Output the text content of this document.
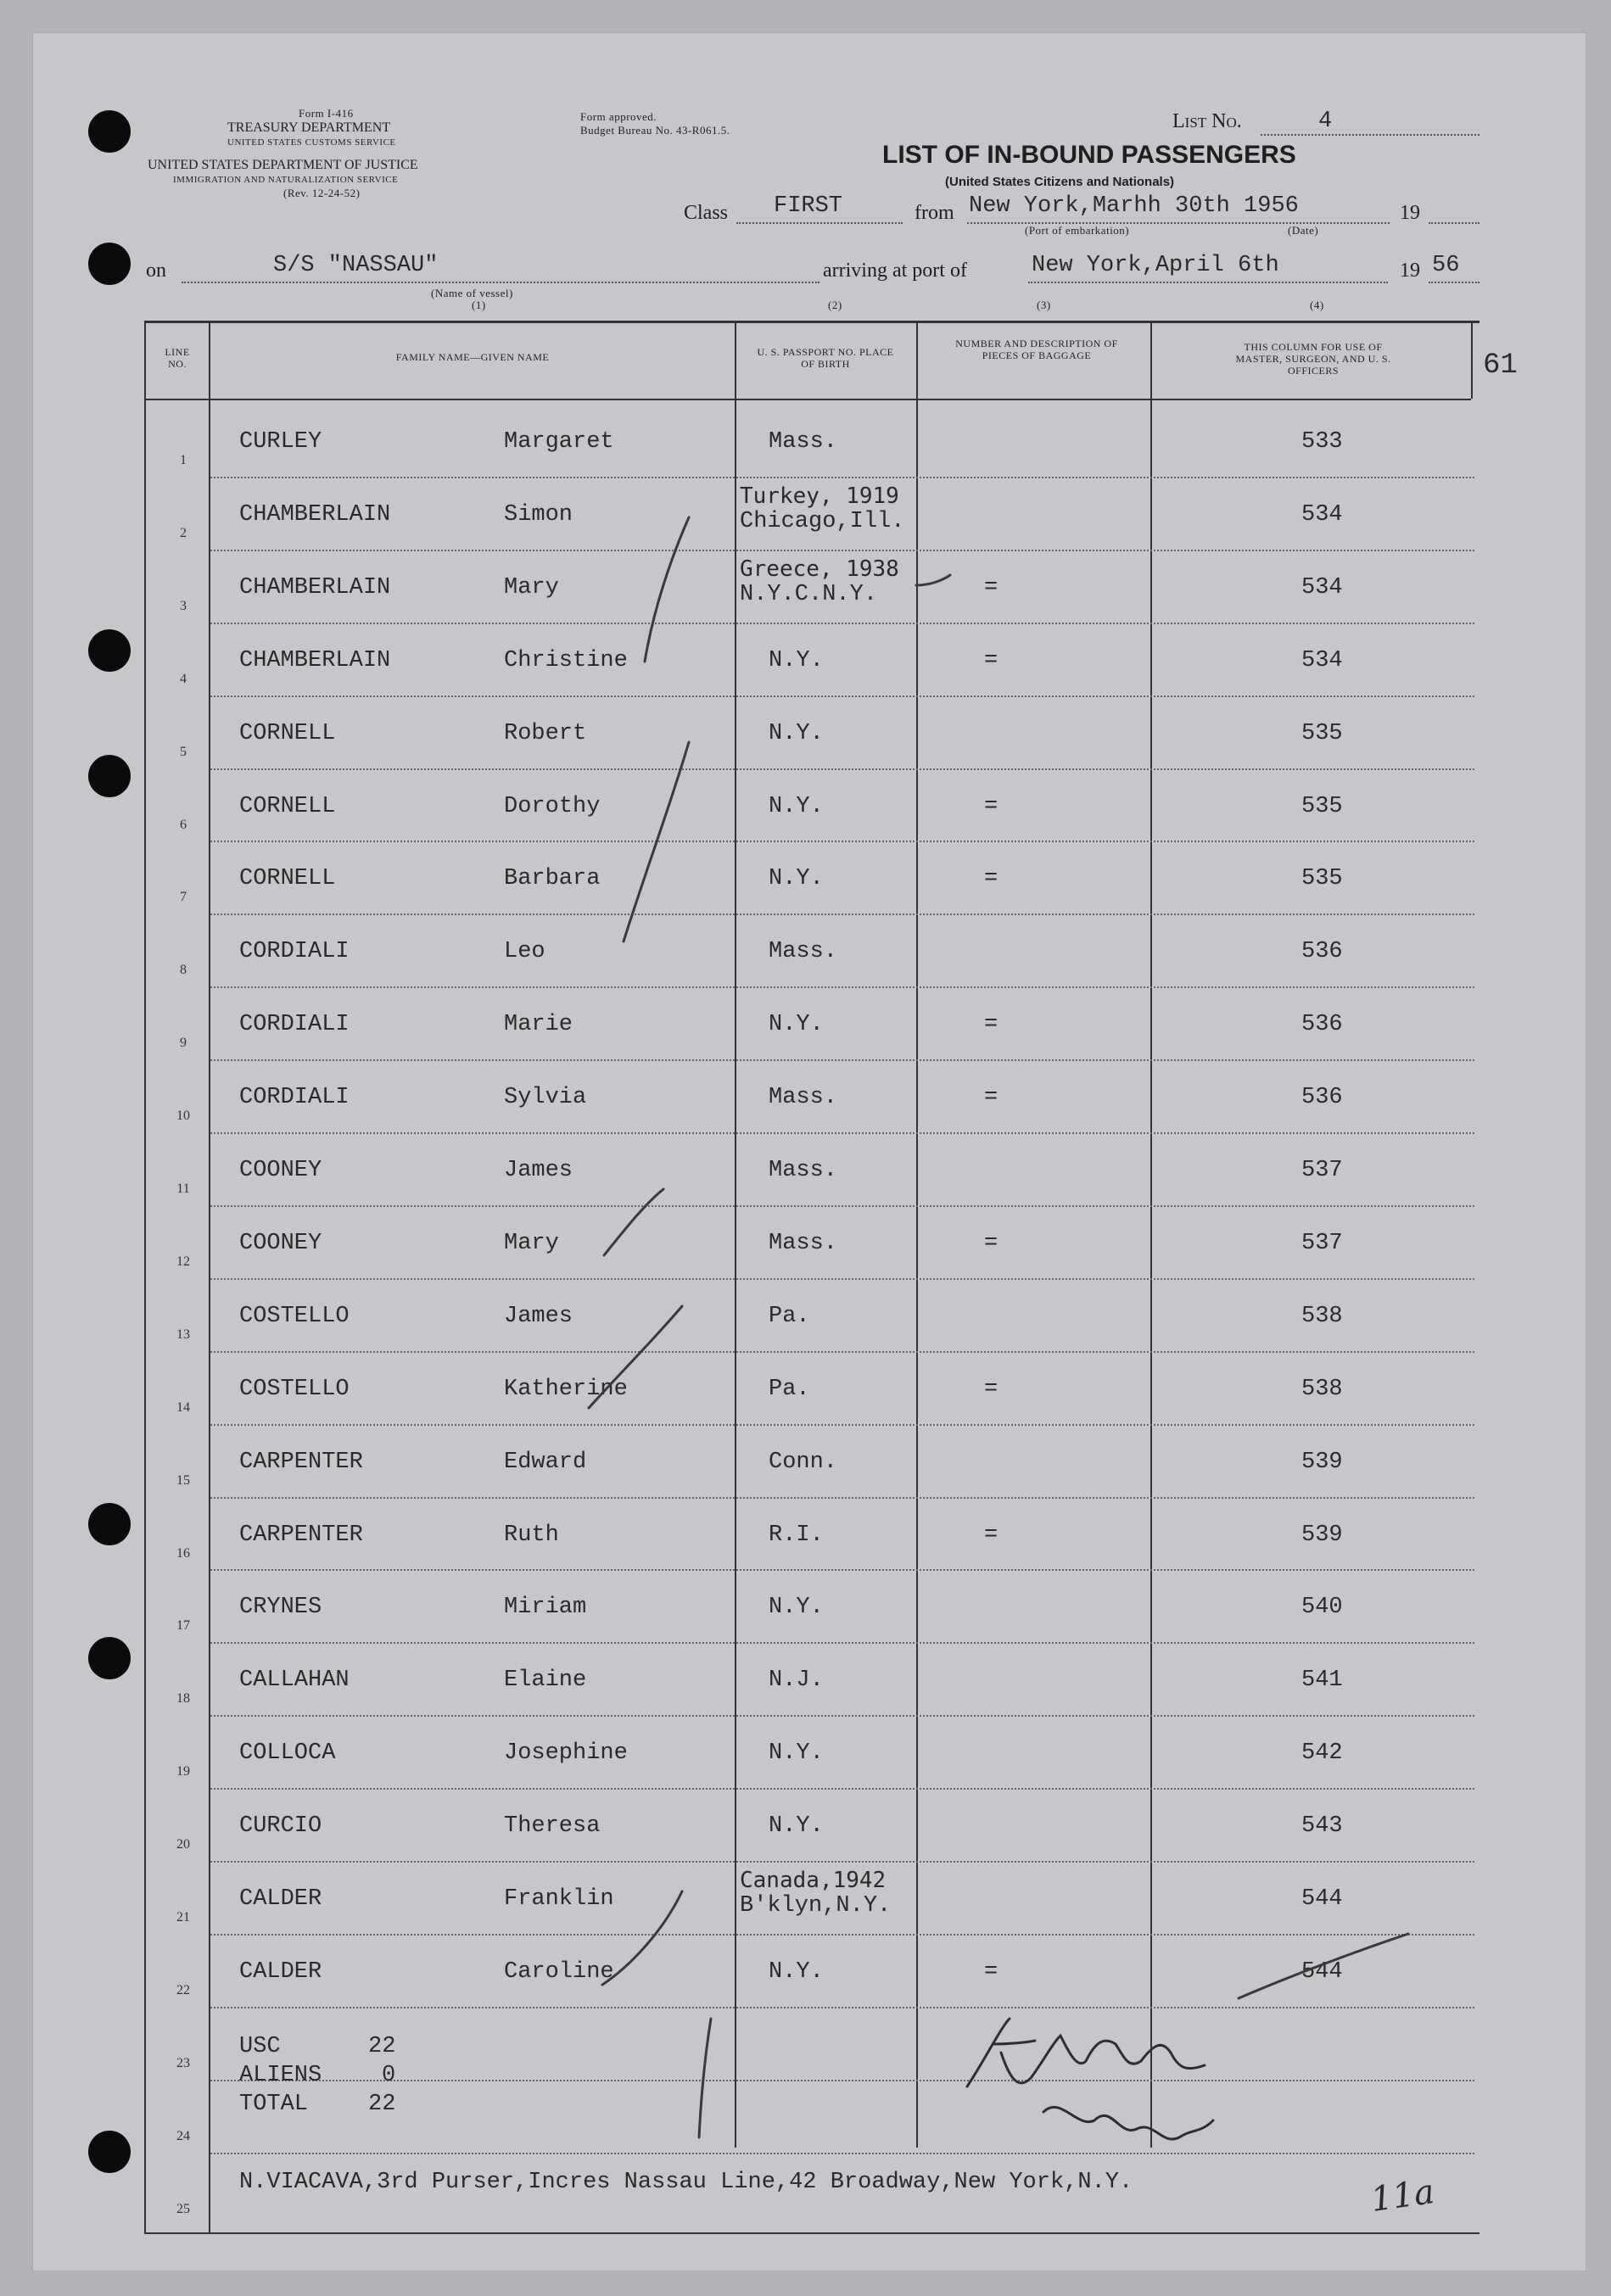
Form I-416
TREASURY DEPARTMENT
UNITED STATES CUSTOMS SERVICE
UNITED STATES DEPARTMENT OF JUSTICE
IMMIGRATION AND NATURALIZATION SERVICE
(Rev. 12-24-52)
Form approved.
Budget Bureau No. 43-R061.5.	List No.	4
LIST OF IN-BOUND PASSENGERS
(United States Citizens and Nationals)
Class FIRST	from New York,Marhh 30th 1956	19
(Port of embarkation)	(Date)
on	S/S "NASSAU"
(Name of vessel)
(1)
arriving at port of	New York,April 6th	19 56
(2)	(3)	(4)
61
LINE NO.
FAMILY NAME—GIVEN NAME	U. S. PASSPORT NO. PLACE OF BIRTH
NUMBER AND DESCRIPTION OF PIECES OF BAGGAGE
THIS COLUMN FOR USE OF MASTER, SURGEON, AND U. S. OFFICERS
1
CURLEY	Margaret	Mass.	533
2
CHAMBERLAIN	Simon
Turkey, 1919
Chicago,Ill.	534
3
CHAMBERLAIN	Mary
Greece, 1938
N.Y.C.N.Y.	=	534
4
CHAMBERLAIN	Christine	N.Y.	=	534
5
CORNELL	Robert	N.Y.	535
6
CORNELL	Dorothy	N.Y.	=	535
7
CORNELL	Barbara	N.Y.	=	535
8
CORDIALI	Leo	Mass.	536
9
CORDIALI	Marie	N.Y.	=	536
10
CORDIALI	Sylvia	Mass.	=	536
11
COONEY	James	Mass.	537
12
COONEY	Mary	Mass.	=	537
13
COSTELLO	James	Pa.	538
14
COSTELLO	Katherine	Pa.	=	538
15
CARPENTER	Edward	Conn.	539
16
CARPENTER	Ruth	R.I.	=	539
17
CRYNES	Miriam	N.Y.	540
18
CALLAHAN	Elaine	N.J.	541
19
COLLOCA	Josephine	N.Y.	542
20
CURCIO	Theresa	N.Y.	543
21
CALDER	Franklin
Canada,1942
B'klyn,N.Y.	544
22
CALDER	Caroline	N.Y.	=	544
23
24
25
USC	22
ALIENS	0
TOTAL	22
N.VIACAVA,3rd Purser,Incres Nassau Line,42 Broadway,New York,N.Y.	11a
